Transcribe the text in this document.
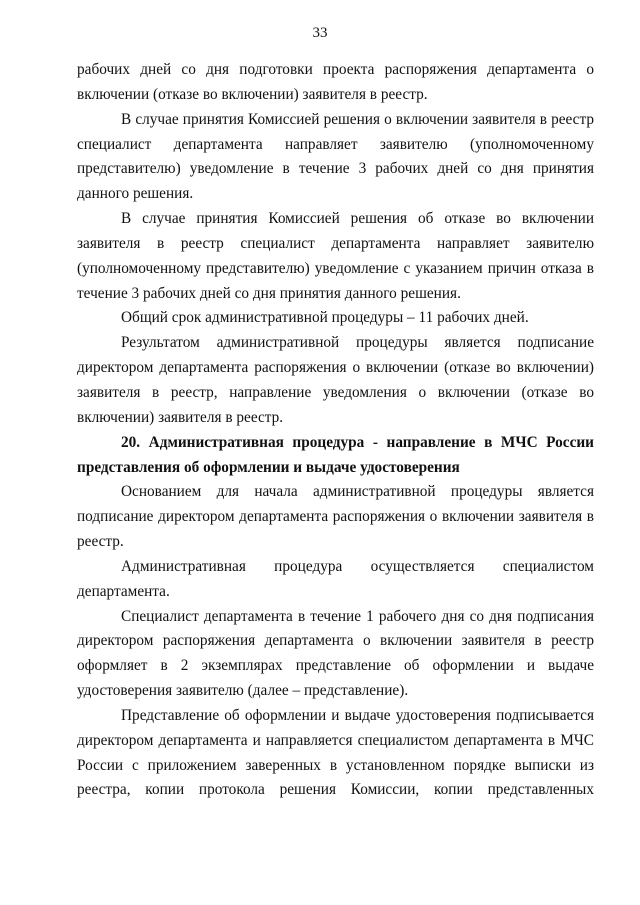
33

рабочих дней со дня подготовки проекта распоряжения департамента о включении (отказе во включении) заявителя в реестр.

В случае принятия Комиссией решения о включении заявителя в реестр специалист департамента направляет заявителю (уполномоченному представителю) уведомление в течение 3 рабочих дней со дня принятия данного решения.

В случае принятия Комиссией решения об отказе во включении заявителя в реестр специалист департамента направляет заявителю (уполномоченному представителю) уведомление с указанием причин отказа в течение 3 рабочих дней со дня принятия данного решения.

Общий срок административной процедуры – 11 рабочих дней.

Результатом административной процедуры является подписание директором департамента распоряжения о включении (отказе во включении) заявителя в реестр, направление уведомления о включении (отказе во включении) заявителя в реестр.

20. Административная процедура - направление в МЧС России представления об оформлении и выдаче удостоверения

Основанием для начала административной процедуры является подписание директором департамента распоряжения о включении заявителя в реестр.

Административная процедура осуществляется специалистом департамента.

Специалист департамента в течение 1 рабочего дня со дня подписания директором распоряжения департамента о включении заявителя в реестр оформляет в 2 экземплярах представление об оформлении и выдаче удостоверения заявителю (далее – представление).

Представление об оформлении и выдаче удостоверения подписывается директором департамента и направляется специалистом департамента в МЧС России с приложением заверенных в установленном порядке выписки из реестра, копии протокола решения Комиссии, копии представленных
